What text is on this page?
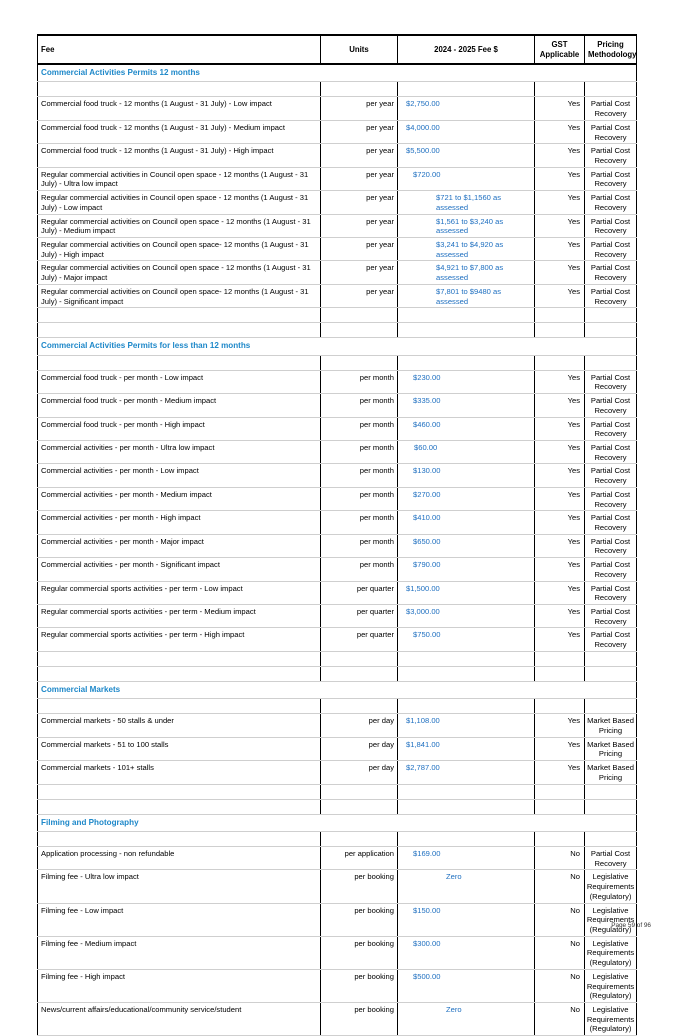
Fee	Units	2024 - 2025 Fee $	GST Applicable	Pricing Methodology
Commercial Activities Permits 12 months				

Commercial food truck - 12 months (1 August - 31 July) - Low impact	per year	$2,750.00	Yes	Partial Cost Recovery
Commercial food truck - 12 months (1 August - 31 July) - Medium impact	per year	$4,000.00	Yes	Partial Cost Recovery
Commercial food truck - 12 months (1 August - 31 July) - High impact	per year	$5,500.00	Yes	Partial Cost Recovery
Regular commercial activities in Council open space - 12 months (1 August - 31 July) - Ultra low impact	per year	$720.00	Yes	Partial Cost Recovery
Regular commercial activities in Council open space - 12 months (1 August - 31 July) - Low impact	per year	$721 to $1,1560 as assessed	Yes	Partial Cost Recovery
Regular commercial activities on Council open space - 12 months (1 August - 31 July) - Medium impact	per year	$1,561 to $3,240 as assessed	Yes	Partial Cost Recovery
Regular commercial activities on Council open space- 12 months (1 August - 31 July) - High impact	per year	$3,241 to $4,920 as assessed	Yes	Partial Cost Recovery
Regular commercial activities on Council open space - 12 months (1 August - 31 July) - Major impact	per year	$4,921 to $7,800 as assessed	Yes	Partial Cost Recovery
Regular commercial activities on Council open space- 12 months (1 August - 31 July) - Significant impact	per year	$7,801 to $9480 as assessed	Yes	Partial Cost Recovery

Commercial Activities Permits for less than 12 months				

Commercial food truck - per month - Low impact	per month	$230.00	Yes	Partial Cost Recovery
Commercial food truck - per month - Medium impact	per month	$335.00	Yes	Partial Cost Recovery
Commercial food truck - per month - High impact	per month	$460.00	Yes	Partial Cost Recovery
Commercial activities - per month - Ultra low impact	per month	$60.00	Yes	Partial Cost Recovery
Commercial activities - per month - Low impact	per month	$130.00	Yes	Partial Cost Recovery
Commercial activities - per month - Medium impact	per month	$270.00	Yes	Partial Cost Recovery
Commercial activities - per month - High impact	per month	$410.00	Yes	Partial Cost Recovery
Commercial activities - per month - Major impact	per month	$650.00	Yes	Partial Cost Recovery
Commercial activities - per month - Significant impact	per month	$790.00	Yes	Partial Cost Recovery
Regular commercial sports activities - per term - Low impact	per quarter	$1,500.00	Yes	Partial Cost Recovery
Regular commercial sports activities - per term - Medium impact	per quarter	$3,000.00	Yes	Partial Cost Recovery
Regular commercial sports activities - per term - High impact	per quarter	$750.00	Yes	Partial Cost Recovery

Commercial Markets				

Commercial markets - 50 stalls & under	per day	$1,108.00	Yes	Market Based Pricing
Commercial markets - 51 to 100 stalls	per day	$1,841.00	Yes	Market Based Pricing
Commercial markets - 101+ stalls	per day	$2,787.00	Yes	Market Based Pricing

Filming and Photography				

Application processing - non refundable	per application	$169.00	No	Partial Cost Recovery
Filming fee - Ultra low impact	per booking	Zero	No	Legislative Requirements (Regulatory)
Filming fee - Low impact	per booking	$150.00	No	Legislative Requirements (Regulatory)
Filming fee - Medium impact	per booking	$300.00	No	Legislative Requirements (Regulatory)
Filming fee - High impact	per booking	$500.00	No	Legislative Requirements (Regulatory)
News/current affairs/educational/community service/student	per booking	Zero	No	Legislative Requirements (Regulatory)
Page 59 of 96
